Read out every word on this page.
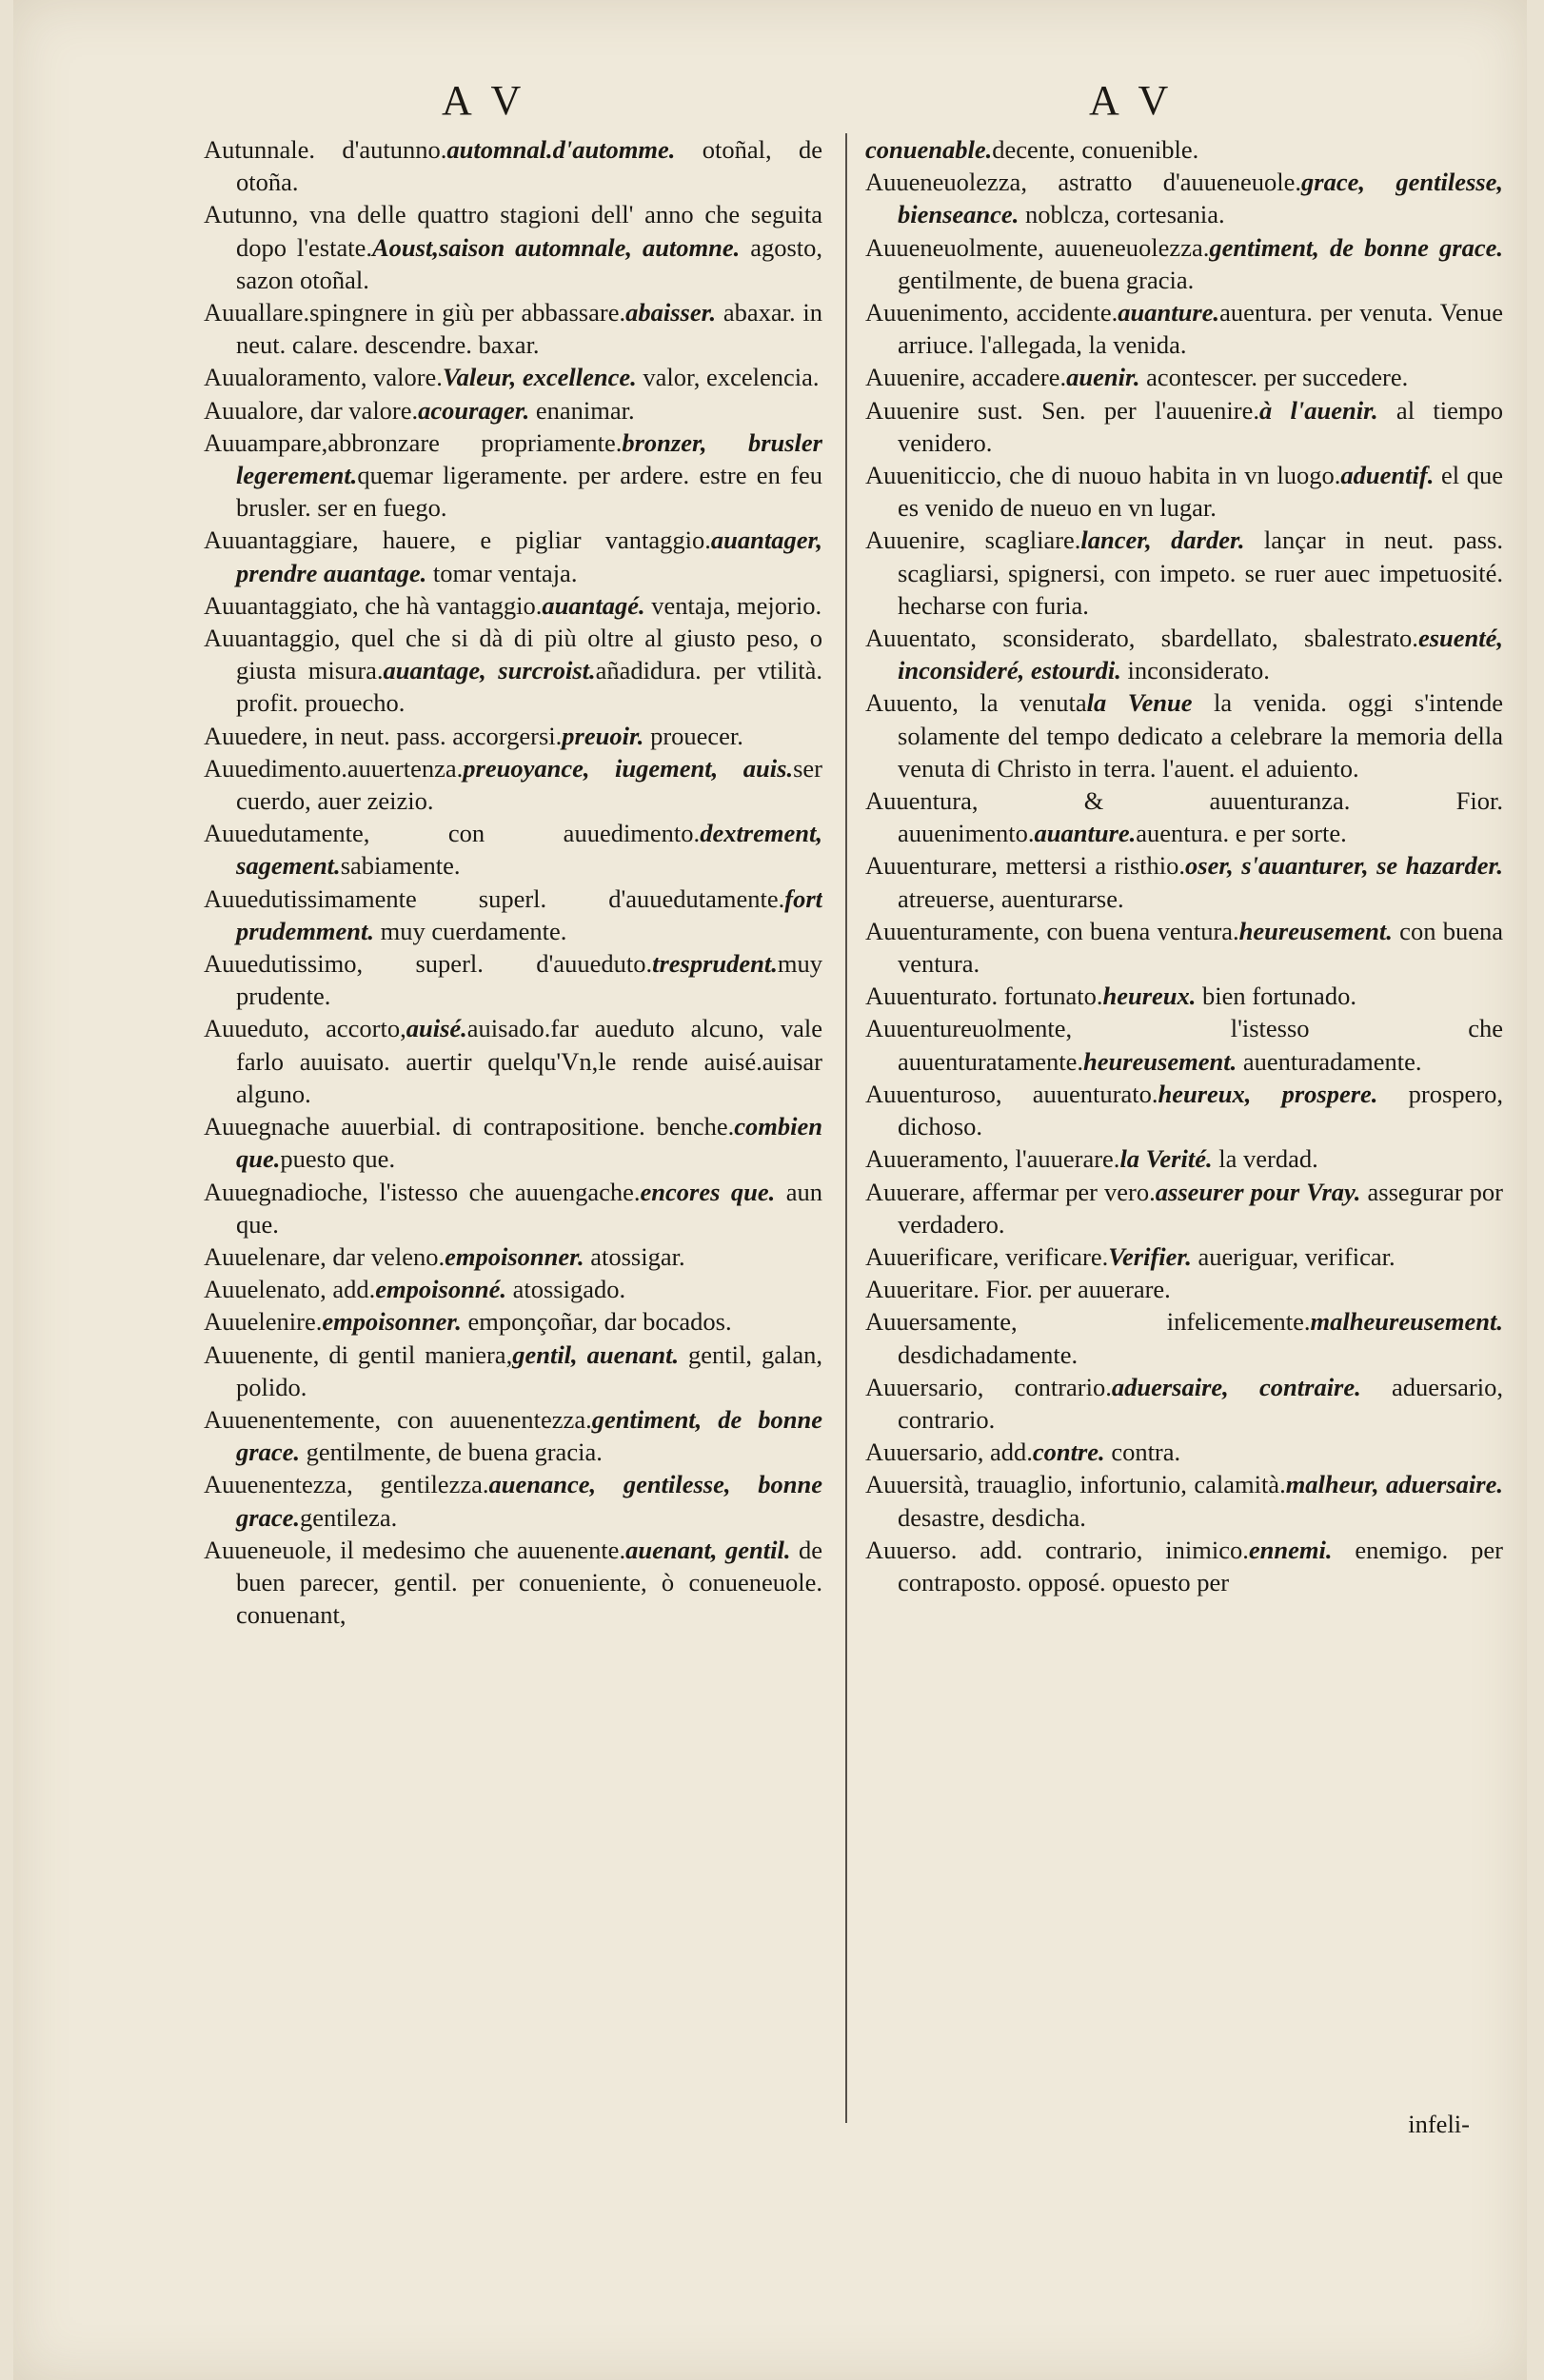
A V	A V

Autunnale. d'autunno.automnal.d'automme. otoñal, de otoña.

Autunno, vna delle quattro stagioni dell' anno che seguita dopo l'estate.Aoust,saison automnale, automne. agosto, sazon otoñal.

Auuallare.spingnere in giù per abbassare.abaisser. abaxar. in neut. calare. descendre. baxar.

Auualoramento, valore.Valeur, excellence. valor, excelencia.

Auualore, dar valore.acourager. enanimar.

Auuampare,abbronzare propriamente.bronzer, brusler legerement.quemar ligeramente. per ardere. estre en feu brusler. ser en fuego.

Auuantaggiare, hauere, e pigliar vantaggio.auantager, prendre auantage. tomar ventaja.

Auuantaggiato, che hà vantaggio.auantagé. ventaja, mejorio.

Auuantaggio, quel che si dà di più oltre al giusto peso, o giusta misura.auantage, surcroist.añadidura. per vtilità. profit. prouecho.

Auuedere, in neut. pass. accorgersi.preuoir. prouecer.

Auuedimento.auuertenza.preuoyance, iugement, auis.ser cuerdo, auer zeizio.

Auuedutamente, con auuedimento.dextrement, sagement.sabiamente.

Auuedutissimamente superl. d'auuedutamente.fort prudemment. muy cuerdamente.

Auuedutissimo, superl. d'auueduto.tresprudent.muy prudente.

Auueduto, accorto,auisé.auisado.far aueduto alcuno, vale farlo auuisato. auertir quelqu'Vn,le rende auisé.auisar alguno.

Auuegnache auuerbial. di contrapositione. benche.combien que.puesto que.

Auuegnadioche, l'istesso che auuengache.encores que. aun que.

Auuelenare, dar veleno.empoisonner. atossigar.

Auuelenato, add.empoisonné. atossigado.

Auuelenire.empoisonner. emponçoñar, dar bocados.

Auuenente, di gentil maniera,gentil, auenant. gentil, galan, polido.

Auuenentemente, con auuenentezza.gentiment, de bonne grace. gentilmente, de buena gracia.

Auuenentezza, gentilezza.auenance, gentilesse, bonne grace.gentileza.

Auueneuole, il medesimo che auuenente.auenant, gentil. de buen parecer, gentil. per conueniente, ò conueneuole. conuenant,

conuenable.decente, conuenible.

Auueneuolezza, astratto d'auueneuole.grace, gentilesse, bienseance. noblcza, cortesania.

Auueneuolmente, auueneuolezza.gentiment, de bonne grace. gentilmente, de buena gracia.

Auuenimento, accidente.auanture.auentura. per venuta. Venue arriuce. l'allegada, la venida.

Auuenire, accadere.auenir. acontescer. per succedere.

Auuenire sust. Sen. per l'auuenire.à l'auenir. al tiempo venidero.

Auueniticcio, che di nuouo habita in vn luogo.aduentif. el que es venido de nueuo en vn lugar.

Auuenire, scagliare.lancer, darder. lançar in neut. pass. scagliarsi, spignersi, con impeto. se ruer auec impetuosité. hecharse con furia.

Auuentato, sconsiderato, sbardellato, sbalestrato.esuenté, inconsideré, estourdi. inconsiderato.

Auuento, la venutala Venue la venida. oggi s'intende solamente del tempo dedicato a celebrare la memoria della venuta di Christo in terra. l'auent. el aduiento.

Auuentura, & auuenturanza. Fior. auuenimento.auanture.auentura. e per sorte.

Auuenturare, mettersi a risthio.oser, s'auanturer, se hazarder. atreuerse, auenturarse.

Auuenturamente, con buena ventura.heureusement. con buena ventura.

Auuenturato. fortunato.heureux. bien fortunado.

Auuentureuolmente, l'istesso che auuenturatamente.heureusement. auenturadamente.

Auuenturoso, auuenturato.heureux, prospere. prospero, dichoso.

Auueramento, l'auuerare.la Verité. la verdad.

Auuerare, affermar per vero.asseurer pour Vray. assegurar por verdadero.

Auuerificare, verificare.Verifier. aueriguar, verificar.

Auueritare. Fior. per auuerare.

Auuersamente, infelicemente.malheureusement. desdichadamente.

Auuersario, contrario.aduersaire, contraire. aduersario, contrario.

Auuersario, add.contre. contra.

Auuersità, trauaglio, infortunio, calamità.malheur, aduersaire. desastre, desdicha.

Auuerso. add. contrario, inimico.ennemi. enemigo. per contraposto. opposé. opuesto per

infeli-
